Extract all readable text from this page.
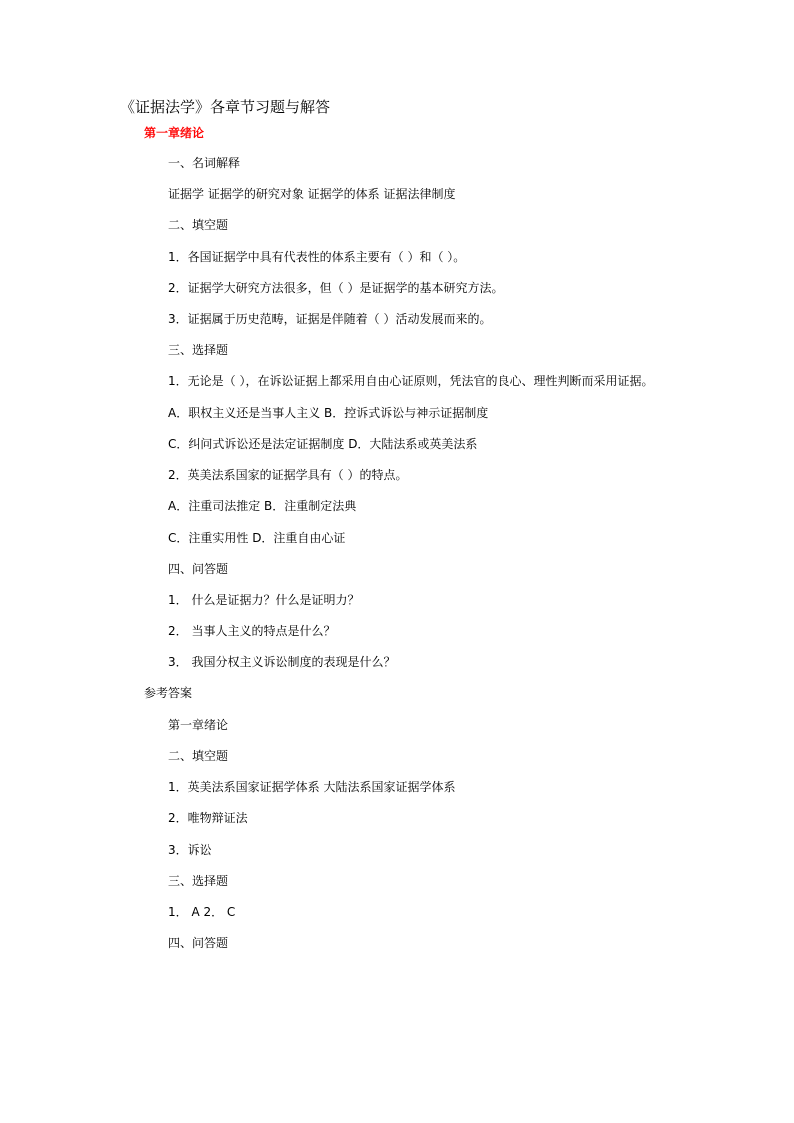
《证据法学》各章节习题与解答
第一章绪论
一、名词解释
证据学 证据学的研究对象 证据学的体系 证据法律制度
二、填空题
1．各国证据学中具有代表性的体系主要有（ ）和（ ）。
2．证据学大研究方法很多，但（ ）是证据学的基本研究方法。
3．证据属于历史范畴，证据是伴随着（ ）活动发展而来的。
三、选择题
1．无论是（ ），在诉讼证据上都采用自由心证原则，凭法官的良心、理性判断而采用证据。
A．职权主义还是当事人主义 B．控诉式诉讼与神示证据制度
C．纠问式诉讼还是法定证据制度 D．大陆法系或英美法系
2．英美法系国家的证据学具有（ ）的特点。
A．注重司法推定 B．注重制定法典
C．注重实用性 D．注重自由心证
四、问答题
1． 什么是证据力？什么是证明力？
2． 当事人主义的特点是什么？
3． 我国分权主义诉讼制度的表现是什么？
参考答案
第一章绪论
二、填空题
1．英美法系国家证据学体系 大陆法系国家证据学体系
2．唯物辩证法
3．诉讼
三、选择题
1． A 2． C
四、问答题
